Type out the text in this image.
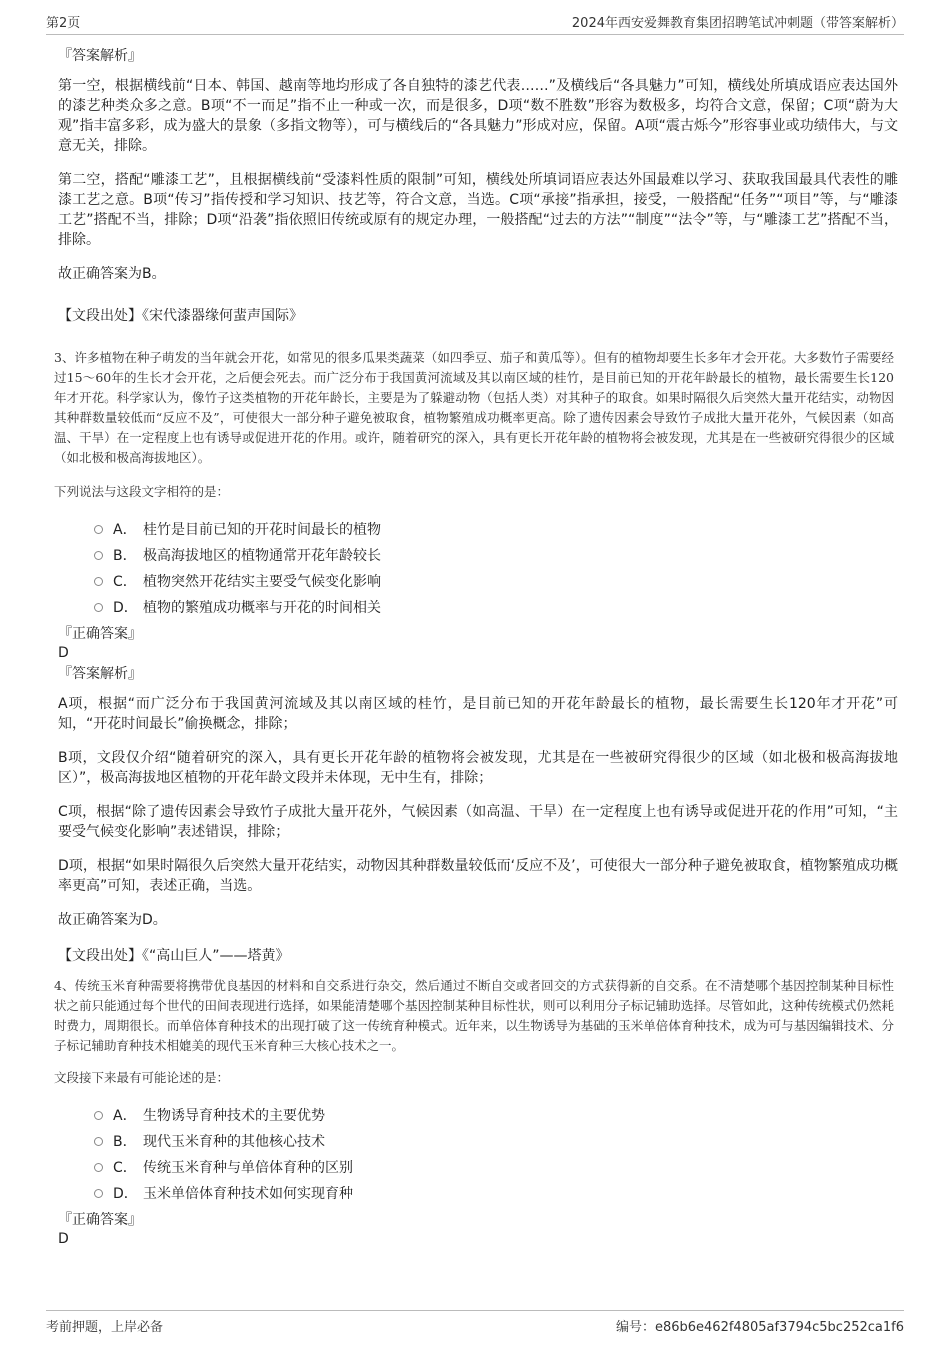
第2页	2024年西安爱舞教育集团招聘笔试冲刺题（带答案解析）
『答案解析』

第一空，根据横线前“日本、韩国、越南等地均形成了各自独特的漆艺代表……”及横线后“各具魅力”可知，横线处所填成语应表达国外的漆艺种类众多之意。B项“不一而足”指不止一种或一次，而是很多，D项“数不胜数”形容为数极多，均符合文意，保留；C项“蔚为大观”指丰富多彩，成为盛大的景象（多指文物等），可与横线后的“各具魅力”形成对应，保留。A项“震古烁今”形容事业或功绩伟大，与文意无关，排除。

第二空，搭配“雕漆工艺”，且根据横线前“受漆料性质的限制”可知，横线处所填词语应表达外国最难以学习、获取我国最具代表性的雕漆工艺之意。B项“传习”指传授和学习知识、技艺等，符合文意，当选。C项“承接”指承担，接受，一般搭配“任务”“项目”等，与“雕漆工艺”搭配不当，排除；D项“沿袭”指依照旧传统或原有的规定办理，一般搭配“过去的方法”“制度”“法令”等，与“雕漆工艺”搭配不当，排除。

故正确答案为B。

【文段出处】《宋代漆器缘何蜚声国际》

3、许多植物在种子萌发的当年就会开花，如常见的很多瓜果类蔬菜（如四季豆、茄子和黄瓜等）。但有的植物却要生长多年才会开花。大多数竹子需要经过15～60年的生长才会开花，之后便会死去。而广泛分布于我国黄河流域及其以南区域的桂竹，是目前已知的开花年龄最长的植物，最长需要生长120年才开花。科学家认为，像竹子这类植物的开花年龄长，主要是为了躲避动物（包括人类）对其种子的取食。如果时隔很久后突然大量开花结实，动物因其种群数量较低而“反应不及”，可使很大一部分种子避免被取食，植物繁殖成功概率更高。除了遗传因素会导致竹子成批大量开花外，气候因素（如高温、干旱）在一定程度上也有诱导或促进开花的作用。或许，随着研究的深入，具有更长开花年龄的植物将会被发现，尤其是在一些被研究得很少的区域（如北极和极高海拔地区）。

下列说法与这段文字相符的是：

A． 桂竹是目前已知的开花时间最长的植物
B． 极高海拔地区的植物通常开花年龄较长
C． 植物突然开花结实主要受气候变化影响
D． 植物的繁殖成功概率与开花的时间相关
『正确答案』
D
『答案解析』

A项，根据“而广泛分布于我国黄河流域及其以南区域的桂竹，是目前已知的开花年龄最长的植物，最长需要生长120年才开花”可知，“开花时间最长”偷换概念，排除；

B项，文段仅介绍“随着研究的深入，具有更长开花年龄的植物将会被发现，尤其是在一些被研究得很少的区域（如北极和极高海拔地区）”，极高海拔地区植物的开花年龄文段并未体现，无中生有，排除；

C项，根据“除了遗传因素会导致竹子成批大量开花外，气候因素（如高温、干旱）在一定程度上也有诱导或促进开花的作用”可知，“主要受气候变化影响”表述错误，排除；

D项，根据“如果时隔很久后突然大量开花结实，动物因其种群数量较低而‘反应不及’，可使很大一部分种子避免被取食，植物繁殖成功概率更高”可知，表述正确，当选。

故正确答案为D。

【文段出处】《“高山巨人”——塔黄》

4、传统玉米育种需要将携带优良基因的材料和自交系进行杂交，然后通过不断自交或者回交的方式获得新的自交系。在不清楚哪个基因控制某种目标性状之前只能通过每个世代的田间表现进行选择，如果能清楚哪个基因控制某种目标性状，则可以利用分子标记辅助选择。尽管如此，这种传统模式仍然耗时费力，周期很长。而单倍体育种技术的出现打破了这一传统育种模式。近年来，以生物诱导为基础的玉米单倍体育种技术，成为可与基因编辑技术、分子标记辅助育种技术相媲美的现代玉米育种三大核心技术之一。

文段接下来最有可能论述的是：

A． 生物诱导育种技术的主要优势
B． 现代玉米育种的其他核心技术
C． 传统玉米育种与单倍体育种的区别
D． 玉米单倍体育种技术如何实现育种
『正确答案』
D
考前押题，上岸必备	编号：e86b6e462f4805af3794c5bc252ca1f6
